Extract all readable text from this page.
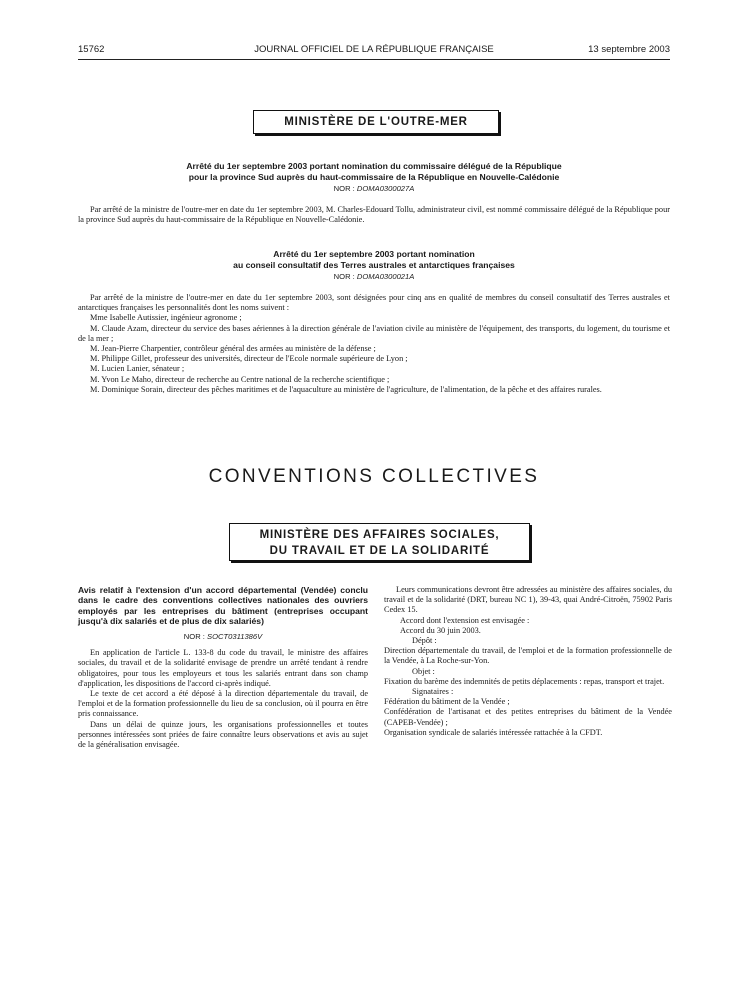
15762	JOURNAL OFFICIEL DE LA RÉPUBLIQUE FRANÇAISE	13 septembre 2003
MINISTÈRE DE L'OUTRE-MER
Arrêté du 1er septembre 2003 portant nomination du commissaire délégué de la République
pour la province Sud auprès du haut-commissaire de la République en Nouvelle-Calédonie
NOR : DOMA0300027A

Par arrêté de la ministre de l'outre-mer en date du 1er septembre 2003, M. Charles-Edouard Tollu, administrateur civil, est nommé commissaire délégué de la République pour la province Sud auprès du haut-commissaire de la République en Nouvelle-Calédonie.

Arrêté du 1er septembre 2003 portant nomination
au conseil consultatif des Terres australes et antarctiques françaises
NOR : DOMA0300021A

Par arrêté de la ministre de l'outre-mer en date du 1er septembre 2003, sont désignées pour cinq ans en qualité de membres du conseil consultatif des Terres australes et antarctiques françaises les personnalités dont les noms suivent :

Mme Isabelle Autissier, ingénieur agronome ;

M. Claude Azam, directeur du service des bases aériennes à la direction générale de l'aviation civile au ministère de l'équipement, des transports, du logement, du tourisme et de la mer ;

M. Jean-Pierre Charpentier, contrôleur général des armées au ministère de la défense ;

M. Philippe Gillet, professeur des universités, directeur de l'Ecole normale supérieure de Lyon ;

M. Lucien Lanier, sénateur ;

M. Yvon Le Maho, directeur de recherche au Centre national de la recherche scientifique ;

M. Dominique Sorain, directeur des pêches maritimes et de l'aquaculture au ministère de l'agriculture, de l'alimentation, de la pêche et des affaires rurales.

CONVENTIONS COLLECTIVES
MINISTÈRE DES AFFAIRES SOCIALES,
DU TRAVAIL ET DE LA SOLIDARITÉ
Avis relatif à l'extension d'un accord départemental (Vendée) conclu dans le cadre des conventions collectives nationales des ouvriers employés par les entreprises du bâtiment (entreprises occupant jusqu'à dix salariés et de plus de dix salariés)
NOR : SOCT0311386V

En application de l'article L. 133-8 du code du travail, le ministre des affaires sociales, du travail et de la solidarité envisage de prendre un arrêté tendant à rendre obligatoires, pour tous les employeurs et tous les salariés entrant dans son champ d'application, les dispositions de l'accord ci-après indiqué.

Le texte de cet accord a été déposé à la direction départementale du travail, de l'emploi et de la formation professionnelle du lieu de sa conclusion, où il pourra en être pris connaissance.

Dans un délai de quinze jours, les organisations professionnelles et toutes personnes intéressées sont priées de faire connaître leurs observations et avis au sujet de la généralisation envisagée.

Leurs communications devront être adressées au ministère des affaires sociales, du travail et de la solidarité (DRT, bureau NC 1), 39-43, quai André-Citroën, 75902 Paris Cedex 15.

Accord dont l'extension est envisagée :

Accord du 30 juin 2003.

Dépôt :

Direction départementale du travail, de l'emploi et de la formation professionnelle de la Vendée, à La Roche-sur-Yon.

Objet :

Fixation du barème des indemnités de petits déplacements : repas, transport et trajet.

Signataires :

Fédération du bâtiment de la Vendée ;

Confédération de l'artisanat et des petites entreprises du bâtiment de la Vendée (CAPEB-Vendée) ;

Organisation syndicale de salariés intéressée rattachée à la CFDT.
